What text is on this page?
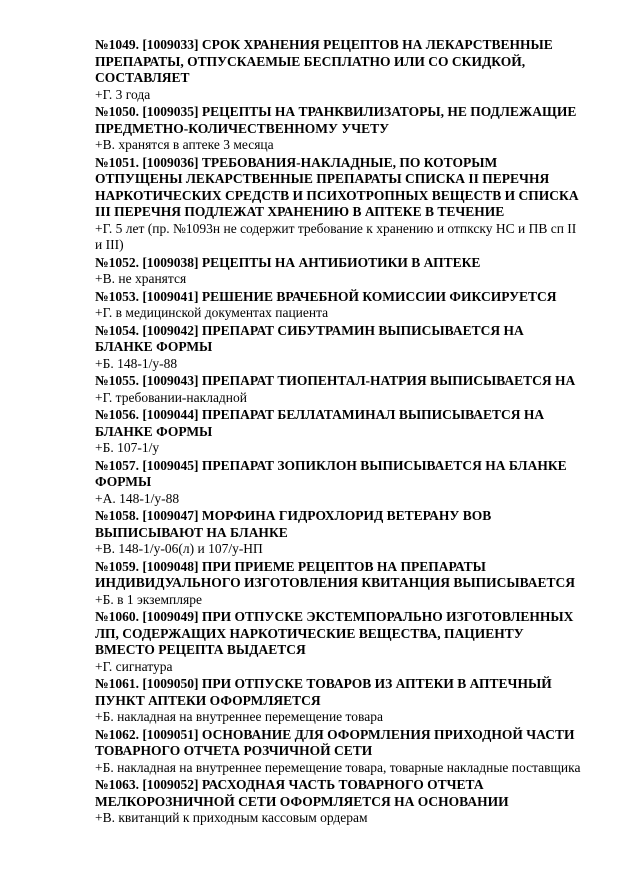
№1049. [1009033] СРОК ХРАНЕНИЯ РЕЦЕПТОВ НА ЛЕКАРСТВЕННЫЕ ПРЕПАРАТЫ, ОТПУСКАЕМЫЕ БЕСПЛАТНО ИЛИ СО СКИДКОЙ, СОСТАВЛЯЕТ

+Г. 3 года

№1050. [1009035] РЕЦЕПТЫ НА ТРАНКВИЛИЗАТОРЫ, НЕ ПОДЛЕЖАЩИЕ ПРЕДМЕТНО-КОЛИЧЕСТВЕННОМУ УЧЕТУ

+В. хранятся в аптеке 3 месяца

№1051. [1009036] ТРЕБОВАНИЯ-НАКЛАДНЫЕ, ПО КОТОРЫМ ОТПУЩЕНЫ ЛЕКАРСТВЕННЫЕ ПРЕПАРАТЫ СПИСКА II ПЕРЕЧНЯ НАРКОТИЧЕСКИХ СРЕДСТВ И ПСИХОТРОПНЫХ ВЕЩЕСТВ И СПИСКА III ПЕРЕЧНЯ ПОДЛЕЖАТ ХРАНЕНИЮ В АПТЕКЕ В ТЕЧЕНИЕ

+Г. 5 лет (пр. №1093н не содержит требование к хранению и отпкску НС и ПВ сп II и III)

№1052. [1009038] РЕЦЕПТЫ НА АНТИБИОТИКИ В АПТЕКЕ

+В. не хранятся

№1053. [1009041] РЕШЕНИЕ ВРАЧЕБНОЙ КОМИССИИ ФИКСИРУЕТСЯ

+Г. в медицинской документах пациента

№1054. [1009042] ПРЕПАРАТ СИБУТРАМИН ВЫПИСЫВАЕТСЯ НА БЛАНКЕ ФОРМЫ

+Б. 148-1/у-88

№1055. [1009043] ПРЕПАРАТ ТИОПЕНТАЛ-НАТРИЯ ВЫПИСЫВАЕТСЯ НА

+Г. требовании-накладной

№1056. [1009044] ПРЕПАРАТ БЕЛЛАТАМИНАЛ ВЫПИСЫВАЕТСЯ НА БЛАНКЕ ФОРМЫ

+Б. 107-1/у

№1057. [1009045] ПРЕПАРАТ ЗОПИКЛОН ВЫПИСЫВАЕТСЯ НА БЛАНКЕ ФОРМЫ

+А. 148-1/у-88

№1058. [1009047] МОРФИНА ГИДРОХЛОРИД ВЕТЕРАНУ ВОВ ВЫПИСЫВАЮТ НА БЛАНКЕ

+В. 148-1/у-06(л) и 107/у-НП

№1059. [1009048] ПРИ ПРИЕМЕ РЕЦЕПТОВ НА ПРЕПАРАТЫ ИНДИВИДУАЛЬНОГО ИЗГОТОВЛЕНИЯ КВИТАНЦИЯ ВЫПИСЫВАЕТСЯ

+Б. в 1 экземпляре

№1060. [1009049] ПРИ ОТПУСКЕ ЭКСТЕМПОРАЛЬНО ИЗГОТОВЛЕННЫХ ЛП, СОДЕРЖАЩИХ НАРКОТИЧЕСКИЕ ВЕЩЕСТВА, ПАЦИЕНТУ ВМЕСТО РЕЦЕПТА ВЫДАЕТСЯ

+Г. сигнатура

№1061. [1009050] ПРИ ОТПУСКЕ ТОВАРОВ ИЗ АПТЕКИ В АПТЕЧНЫЙ ПУНКТ АПТЕКИ ОФОРМЛЯЕТСЯ

+Б. накладная на внутреннее перемещение товара

№1062. [1009051] ОСНОВАНИЕ ДЛЯ ОФОРМЛЕНИЯ ПРИХОДНОЙ ЧАСТИ ТОВАРНОГО ОТЧЕТА РОЗЧИЧНОЙ СЕТИ

+Б. накладная на внутреннее перемещение товара, товарные накладные поставщика

№1063. [1009052] РАСХОДНАЯ ЧАСТЬ ТОВАРНОГО ОТЧЕТА МЕЛКОРОЗНИЧНОЙ СЕТИ ОФОРМЛЯЕТСЯ НА ОСНОВАНИИ

+В. квитанций к приходным кассовым ордерам
